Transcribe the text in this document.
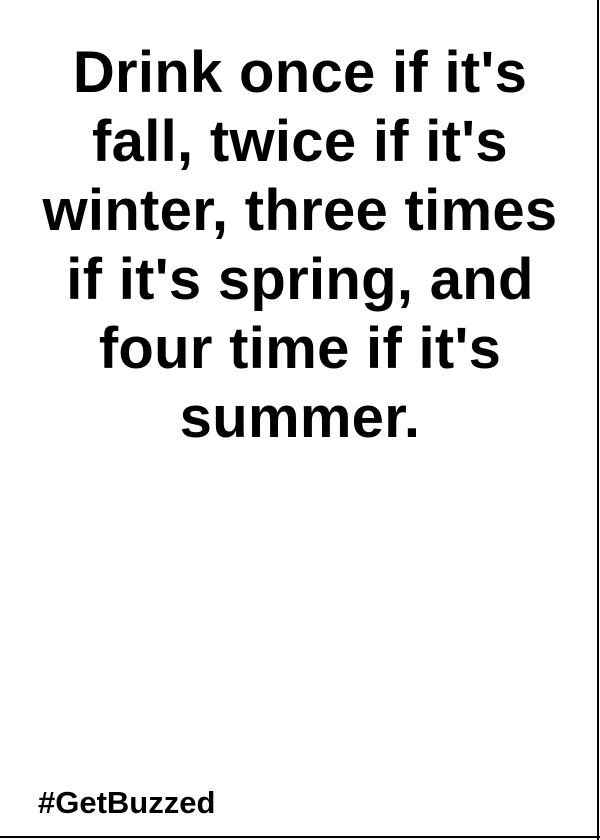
Drink once if it's fall, twice if it's winter, three times if it's spring, and four time if it's summer.

#GetBuzzed
